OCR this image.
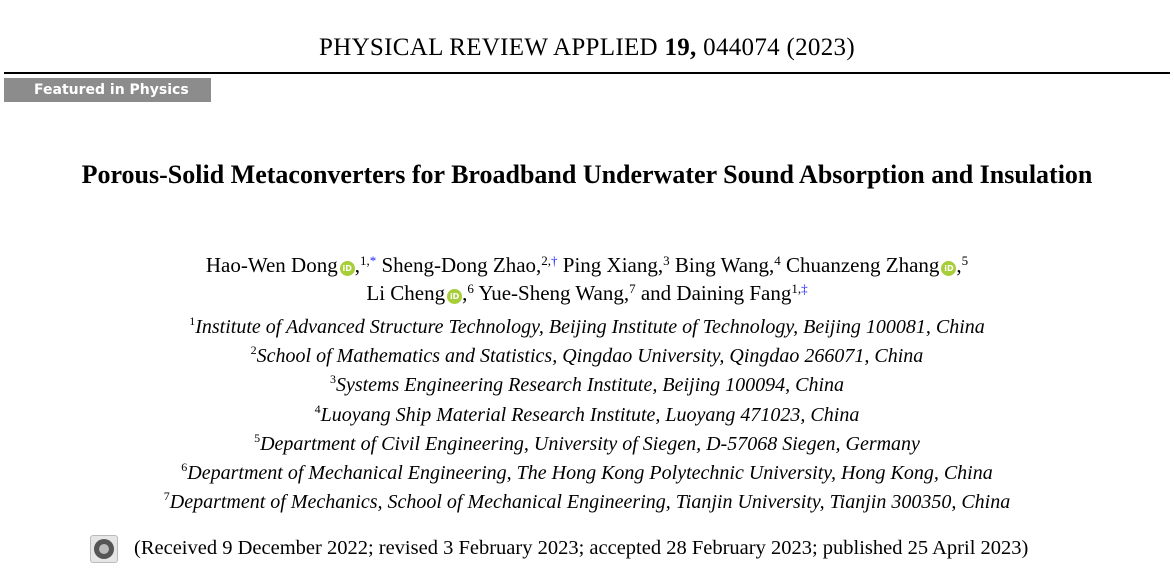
PHYSICAL REVIEW APPLIED 19, 044074 (2023)
Featured in Physics
Porous-Solid Metaconverters for Broadband Underwater Sound Absorption and Insulation
Hao-Wen Dong iD ,$^{1,*}$ Sheng-Dong Zhao,$^{2,\dagger}$ Ping Xiang,$^3$ Bing Wang,$^4$ Chuanzeng Zhang iD ,$^5$
Li Cheng iD ,$^6$ Yue-Sheng Wang,$^7$ and Daining Fang$^{1,\ddagger}$
$^1$Institute of Advanced Structure Technology, Beijing Institute of Technology, Beijing 100081, China
$^2$School of Mathematics and Statistics, Qingdao University, Qingdao 266071, China
$^3$Systems Engineering Research Institute, Beijing 100094, China
$^4$Luoyang Ship Material Research Institute, Luoyang 471023, China
$^5$Department of Civil Engineering, University of Siegen, D-57068 Siegen, Germany
$^6$Department of Mechanical Engineering, The Hong Kong Polytechnic University, Hong Kong, China
$^7$Department of Mechanics, School of Mechanical Engineering, Tianjin University, Tianjin 300350, China
(Received 9 December 2022; revised 3 February 2023; accepted 28 February 2023; published 25 April 2023)
